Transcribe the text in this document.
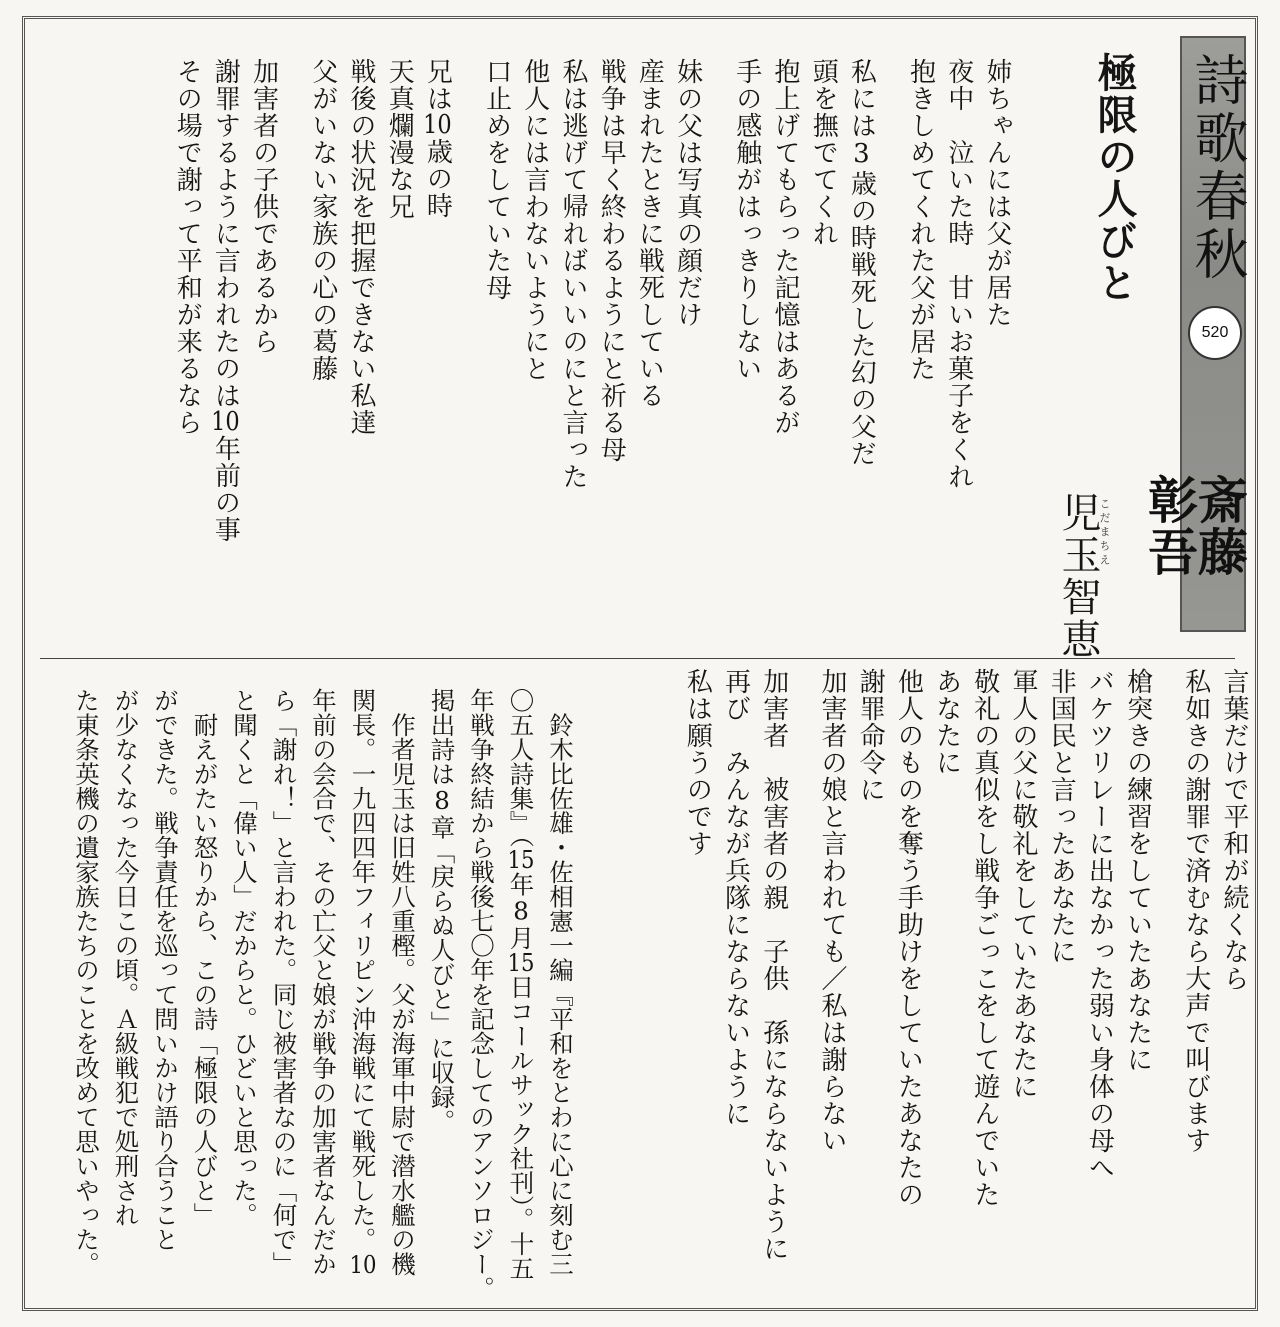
詩歌春秋
520
斎藤 彰吾
極限の人びと
児玉智恵
こだまちえ
姉ちゃんには父が居た
夜中　泣いた時　甘いお菓子をくれ
抱きしめてくれた父が居た
私には3歳の時戦死した幻の父だ
頭を撫でてくれ
抱上げてもらった記憶はあるが
手の感触がはっきりしない
妹の父は写真の顔だけ
産まれたときに戦死している
戦争は早く終わるようにと祈る母
私は逃げて帰ればいいのにと言った
他人には言わないようにと
口止めをしていた母
兄は10歳の時
天真爛漫な兄
戦後の状況を把握できない私達
父がいない家族の心の葛藤
加害者の子供であるから
謝罪するように言われたのは10年前の事
その場で謝って平和が来るなら
言葉だけで平和が続くなら
私如きの謝罪で済むなら大声で叫びます
槍突きの練習をしていたあなたに
バケツリレーに出なかった弱い身体の母へ
非国民と言ったあなたに
軍人の父に敬礼をしていたあなたに
敬礼の真似をし戦争ごっこをして遊んでいた
あなたに
他人のものを奪う手助けをしていたあなたの
謝罪命令に
加害者の娘と言われても／私は謝らない
加害者　被害者の親　子供　孫にならないように
再び　みんなが兵隊にならないように
私は願うのです
　鈴木比佐雄・佐相憲一編『平和をとわに心に刻む三
〇五人詩集』（15年8月15日コールサック社刊）。十五
年戦争終結から戦後七〇年を記念してのアンソロジー。
掲出詩は8章「戻らぬ人びと」に収録。
　作者児玉は旧姓八重樫。父が海軍中尉で潜水艦の機
関長。一九四四年フィリピン沖海戦にて戦死した。10
年前の会合で、その亡父と娘が戦争の加害者なんだか
ら「謝れ！」と言われた。同じ被害者なのに「何で」
と聞くと「偉い人」だからと。ひどいと思った。
　耐えがたい怒りから、この詩「極限の人びと」
ができた。戦争責任を巡って問いかけ語り合うこと
が少なくなった今日この頃。Ａ級戦犯で処刑され
た東条英機の遺家族たちのことを改めて思いやった。
